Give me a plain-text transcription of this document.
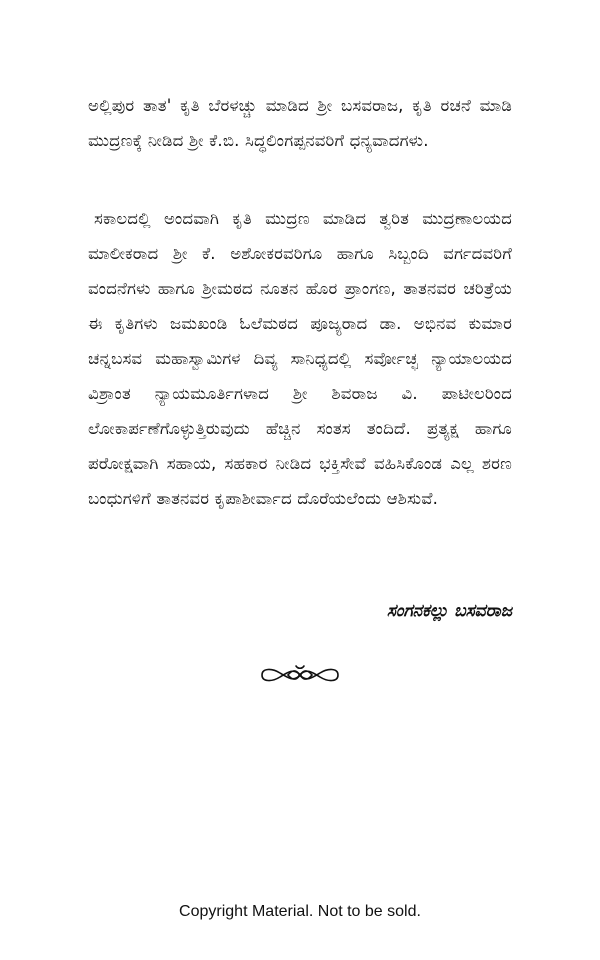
ಅಲ್ಲಿಪುರ ತಾತ' ಕೃತಿ ಬೆರಳಚ್ಚು ಮಾಡಿದ ಶ್ರೀ ಬಸವರಾಜ, ಕೃತಿ ರಚನೆ ಮಾಡಿ ಮುದ್ರಣಕ್ಕೆ ನೀಡಿದ ಶ್ರೀ ಕೆ.ಬಿ. ಸಿದ್ಧಲಿಂಗಪ್ಪನವರಿಗೆ ಧನ್ಯವಾದಗಳು.

ಸಕಾಲದಲ್ಲಿ ಅಂದವಾಗಿ ಕೃತಿ ಮುದ್ರಣ ಮಾಡಿದ ತ್ವರಿತ ಮುದ್ರಣಾಲಯದ ಮಾಲೀಕರಾದ ಶ್ರೀ ಕೆ. ಅಶೋಕರವರಿಗೂ ಹಾಗೂ ಸಿಬ್ಬಂದಿ ವರ್ಗದವರಿಗೆ ವಂದನೆಗಳು ಹಾಗೂ ಶ್ರೀಮಠದ ನೂತನ ಹೊರ ಪ್ರಾಂಗಣ, ತಾತನವರ ಚರಿತ್ರೆಯ ಈ ಕೃತಿಗಳು ಜಮಖಂಡಿ ಓಲೆಮಠದ ಪೂಜ್ಯರಾದ ಡಾ. ಅಭಿನವ ಕುಮಾರ ಚನ್ನಬಸವ ಮಹಾಸ್ವಾಮಿಗಳ ದಿವ್ಯ ಸಾನಿಧ್ಯದಲ್ಲಿ ಸರ್ವೋಚ್ಛ ನ್ಯಾಯಾಲಯದ ವಿಶ್ರಾಂತ ನ್ಯಾಯಮೂರ್ತಿಗಳಾದ ಶ್ರೀ ಶಿವರಾಜ ವಿ. ಪಾಟೀಲರಿಂದ ಲೋಕಾರ್ಪಣೆಗೊಳ್ಳುತ್ತಿರುವುದು ಹೆಚ್ಚಿನ ಸಂತಸ ತಂದಿದೆ. ಪ್ರತ್ಯಕ್ಷ ಹಾಗೂ ಪರೋಕ್ಷವಾಗಿ ಸಹಾಯ, ಸಹಕಾರ ನೀಡಿದ ಭಕ್ತಿಸೇವೆ ವಹಿಸಿಕೊಂಡ ಎಲ್ಲ ಶರಣ ಬಂಧುಗಳಿಗೆ ತಾತನವರ ಕೃಪಾಶೀರ್ವಾದ ದೊರೆಯಲೆಂದು ಆಶಿಸುವೆ.

ಸಂಗನಕಲ್ಲು ಬಸವರಾಜ
Copyright Material. Not to be sold.
